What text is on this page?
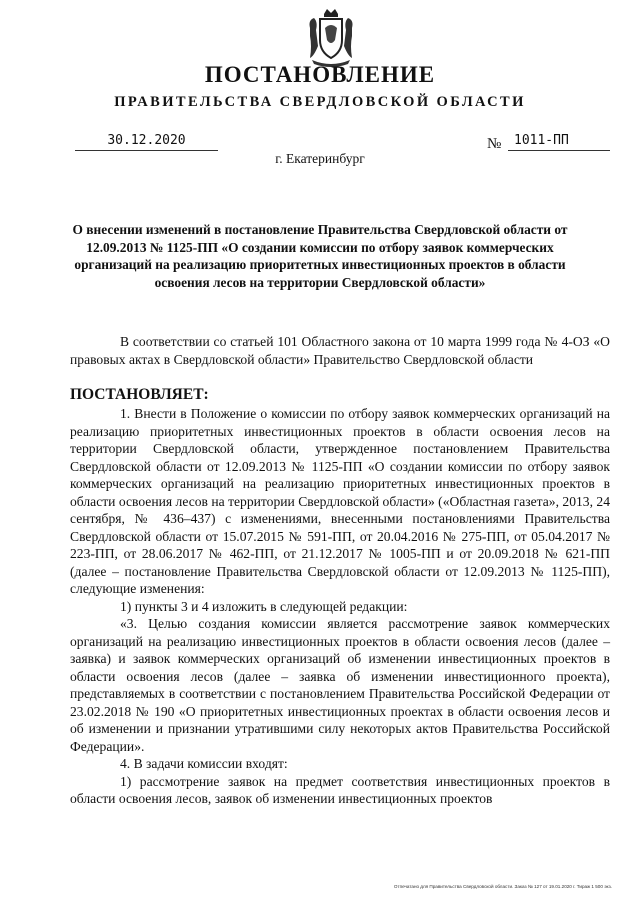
ПОСТАНОВЛЕНИЕ
ПРАВИТЕЛЬСТВА СВЕРДЛОВСКОЙ ОБЛАСТИ
30.12.2020	№ 1011-ПП
г. Екатеринбург
О внесении изменений в постановление Правительства Свердловской области от 12.09.2013 № 1125-ПП «О создании комиссии по отбору заявок коммерческих организаций на реализацию приоритетных инвестиционных проектов в области освоения лесов на территории Свердловской области»
В соответствии со статьей 101 Областного закона от 10 марта 1999 года № 4-ОЗ «О правовых актах в Свердловской области» Правительство Свердловской области
ПОСТАНОВЛЯЕТ:

1. Внести в Положение о комиссии по отбору заявок коммерческих организаций на реализацию приоритетных инвестиционных проектов в области освоения лесов на территории Свердловской области, утвержденное постановлением Правительства Свердловской области от 12.09.2013 № 1125-ПП «О создании комиссии по отбору заявок коммерческих организаций на реализацию приоритетных инвестиционных проектов в области освоения лесов на территории Свердловской области» («Областная газета», 2013, 24 сентября, № 436–437) с изменениями, внесенными постановлениями Правительства Свердловской области от 15.07.2015 № 591-ПП, от 20.04.2016 № 275-ПП, от 05.04.2017 № 223-ПП, от 28.06.2017 № 462-ПП, от 21.12.2017 № 1005-ПП и от 20.09.2018 № 621-ПП (далее – постановление Правительства Свердловской области от 12.09.2013 № 1125-ПП), следующие изменения:

1) пункты 3 и 4 изложить в следующей редакции:

«3. Целью создания комиссии является рассмотрение заявок коммерческих организаций на реализацию инвестиционных проектов в области освоения лесов (далее – заявка) и заявок коммерческих организаций об изменении инвестиционных проектов в области освоения лесов (далее – заявка об изменении инвестиционного проекта), представляемых в соответствии с постановлением Правительства Российской Федерации от 23.02.2018 № 190 «О приоритетных инвестиционных проектах в области освоения лесов и об изменении и признании утратившими силу некоторых актов Правительства Российской Федерации».

4. В задачи комиссии входят:

1) рассмотрение заявок на предмет соответствия инвестиционных проектов в области освоения лесов, заявок об изменении инвестиционных проектов

Отпечатано для Правительства Свердловской области. Заказ № 127 от 19.01.2020 г. Тираж 1 500 экз.
